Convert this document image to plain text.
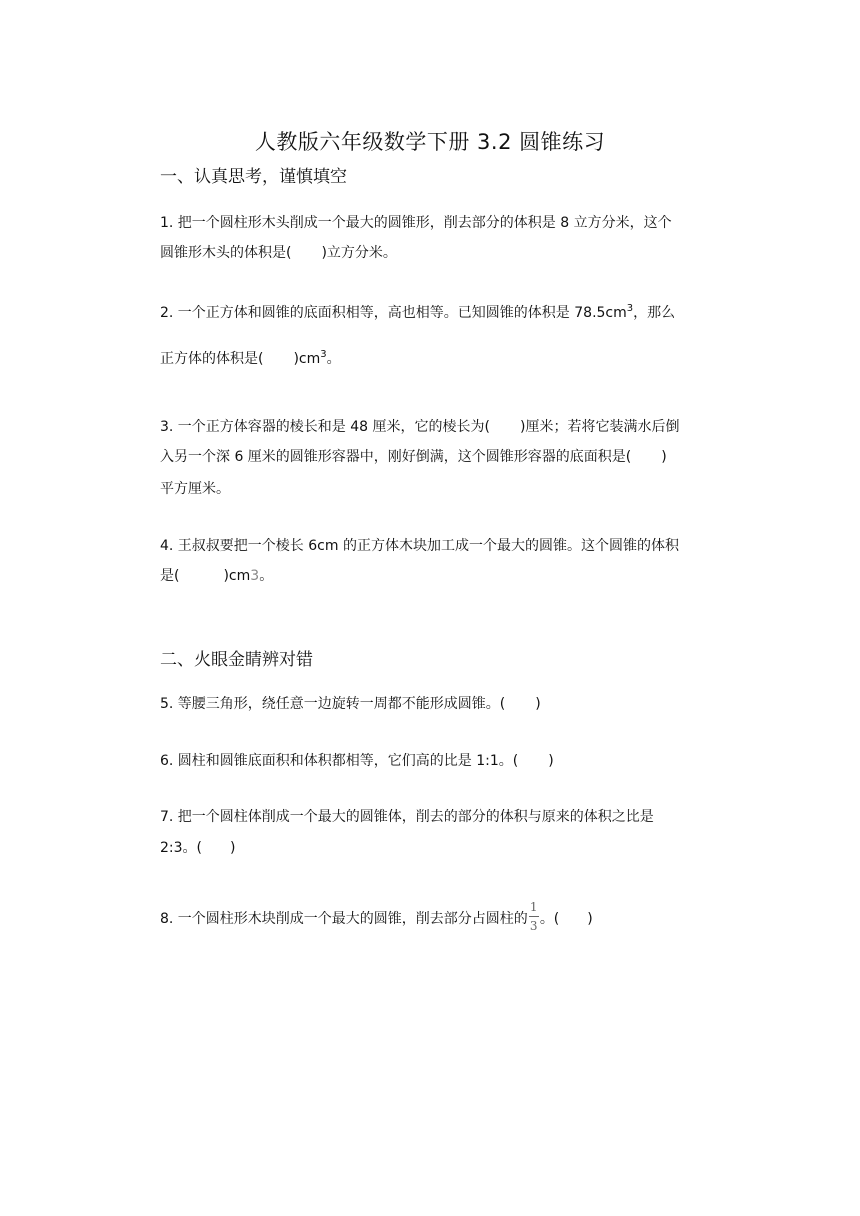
人教版六年级数学下册 3.2 圆锥练习
一、认真思考，谨慎填空
1. 把一个圆柱形木头削成一个最大的圆锥形，削去部分的体积是 8 立方分米，这个
圆锥形木头的体积是( )立方分米。
2. 一个正方体和圆锥的底面积相等，高也相等。已知圆锥的体积是 $78.5cm^3$，那么
正方体的体积是( )$cm^3$。
3. 一个正方体容器的棱长和是 48 厘米，它的棱长为( )厘米；若将它装满水后倒
入另一个深 6 厘米的圆锥形容器中，刚好倒满，这个圆锥形容器的底面积是( )
平方厘米。
4. 王叔叔要把一个棱长 6cm 的正方体木块加工成一个最大的圆锥。这个圆锥的体积
是(	)cm3。
二、火眼金睛辨对错
5. 等腰三角形，绕任意一边旋转一周都不能形成圆锥。( )
6. 圆柱和圆锥底面积和体积都相等，它们高的比是 1:1。( )
7. 把一个圆柱体削成一个最大的圆锥体，削去的部分的体积与原来的体积之比是
2:3。( )
8. 一个圆柱形木块削成一个最大的圆锥，削去部分占圆柱的 $\frac{1}{3}$ 。( )
